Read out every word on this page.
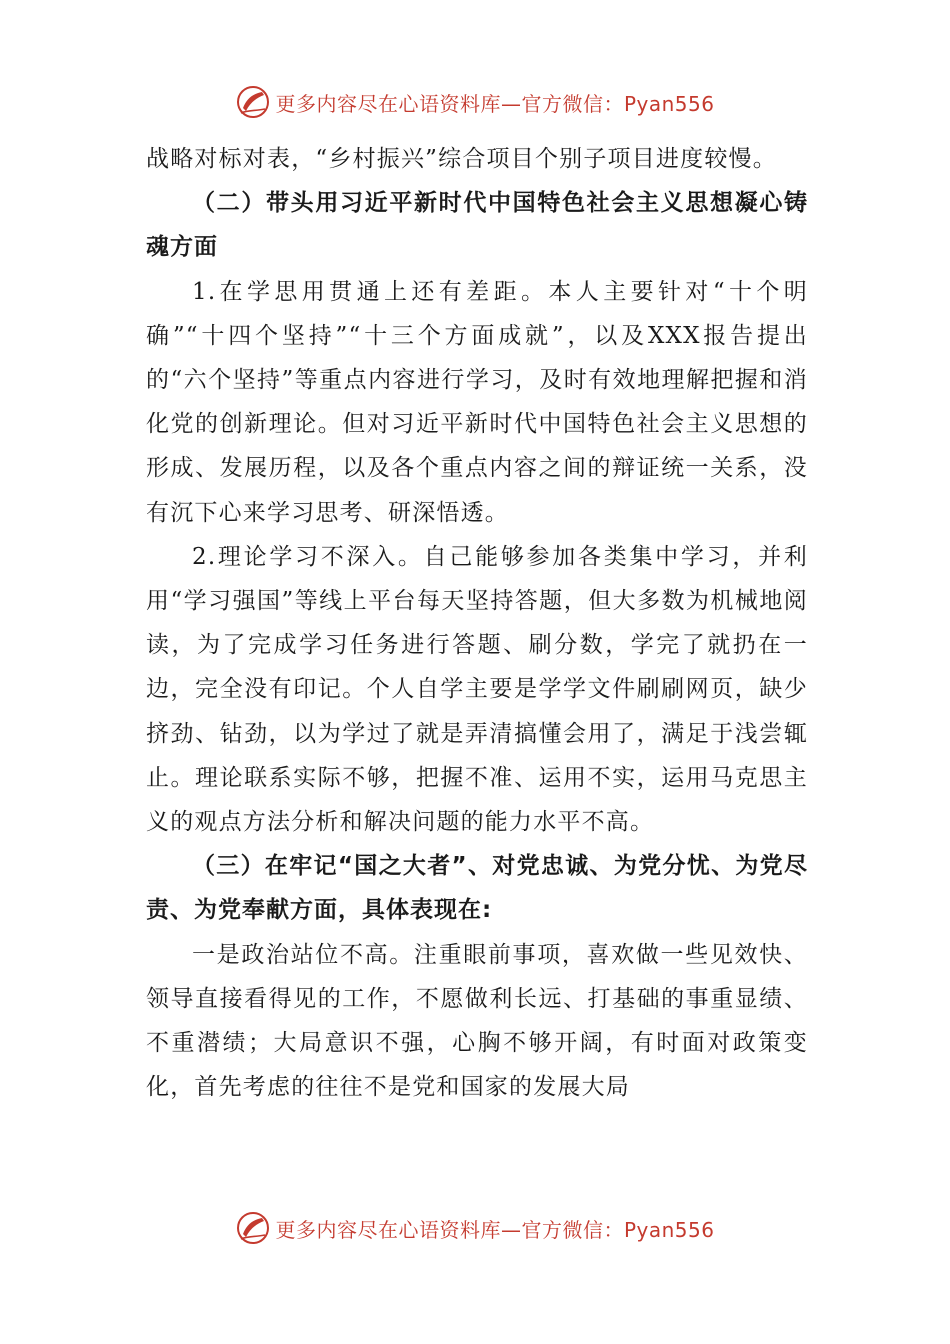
更多内容尽在心语资料库—官方微信：Pyan556

战略对标对表，“乡村振兴”综合项目个别子项目进度较慢。

（二）带头用习近平新时代中国特色社会主义思想凝心铸魂方面

1.在学思用贯通上还有差距。本人主要针对“十个明确”“十四个坚持”“十三个方面成就”，以及XXX报告提出的“六个坚持”等重点内容进行学习，及时有效地理解把握和消化党的创新理论。但对习近平新时代中国特色社会主义思想的形成、发展历程，以及各个重点内容之间的辩证统一关系，没有沉下心来学习思考、研深悟透。

2.理论学习不深入。自己能够参加各类集中学习，并利用“学习强国”等线上平台每天坚持答题，但大多数为机械地阅读，为了完成学习任务进行答题、刷分数，学完了就扔在一边，完全没有印记。个人自学主要是学学文件刷刷网页，缺少挤劲、钻劲，以为学过了就是弄清搞懂会用了，满足于浅尝辄止。理论联系实际不够，把握不准、运用不实，运用马克思主义的观点方法分析和解决问题的能力水平不高。

（三）在牢记“国之大者”、对党忠诚、为党分忧、为党尽责、为党奉献方面，具体表现在:

一是政治站位不高。注重眼前事项，喜欢做一些见效快、领导直接看得见的工作，不愿做利长远、打基础的事重显绩、不重潜绩；大局意识不强，心胸不够开阔，有时面对政策变化，首先考虑的往往不是党和国家的发展大局

更多内容尽在心语资料库—官方微信：Pyan556
